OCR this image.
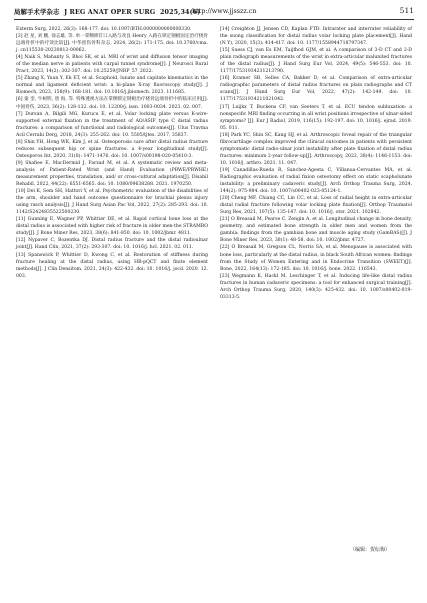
局解手术学杂志 J REG ANAT OPER SURG 2025,34(6)
http://www.jjsszz.cn	511
Exterm Surg, 2022, 26(3): 168-177. doi: 10.1097/BTH.0000000000000330.
[3] 赵 星, 刘 鹏, 徐志雄, 等. 单一掌侧锁钉口入路与改良 Henry 入路在锁定钢板固定治疗桡骨远端骨折中的疗效比较[J]. 中华创伤骨科杂志, 2024, 26(2): 171-175. doi: 10.3760/cma. j. cn115530-20230813-00062.
[4] Naik S, Mahanty S, Bhoi SK, et al. MRI of wrist and diffusion tensor imaging of the median nerve in patients with carpal tunnel syndrome[J]. J Neurosci Rural Pract, 2023, 14(2): 302-307. doi: 10.25259/JNRP_57_2022.
[5] Zhang X, Yuan Y, Ek ET, et al. Scaphoid, lunate and capitate kinematics in the normal and ligament deficient wrist: a bi-plane X-ray fluoroscopy study[J]. J Biomech, 2023, 158(9): 168-181. doi: 10.1016/j.jbiomech. 2023. 111685.
[6] 秦 奎, 牛树明, 唐 海, 等. 特殊透视方法在掌侧锁定钢板治疗桡骨远端骨折中的临床应用[J]. 中国骨伤, 2023, 36(2): 128-132. doi: 10. 12200/j. issn. 1003-0034. 2023. 02. 007.
[7] Dursun A, Bilgili MG, Kurucu E, et al. Volar locking plate versus K-wire-supported external fixation in the treatment of AO/ASIF type C distal radius fractures: a comparison of functional and radiological outcomes[J]. Ulus Travma Acil Cerrahi Derg, 2018, 24(3): 255-262. doi: 10. 5505/tjtes. 2017. 35837.
[8] Shin YH, Hong WK, Kim J, et al. Osteoporosis care after distal radius fracture reduces subsequent hip or spine fractures: a 4-year longitudinal study[J]. Osteoporos Int, 2020, 31(8): 1471-1476. doi: 10. 1007/s00198-020-05410-3.
[9] Shafiee E, MacDermid J, Farzad M, et al. A systematic review and meta-analysis of Patient-Rated Wrist (and Hand) Evaluation (PRWE/PRWHE) measurement properties, translation, and/ or cross-cultural adaptation[J]. Disabil Rehabil, 2022, 44(22): 6551-6565. doi: 10. 1080/09638288. 2021. 1970250.
[10] Dei K, Sem SH, Hattori Y, et al. Psychometric evaluation of the disabilities of the arm, shoulder and hand outcome questionnaire for brachial plexus injury using rasch analysis[J]. J Hand Surg Asian Pac Vol, 2022, 27(2): 285-293. doi: 10. 1142/S2424835522500230.
[11] Gunning E, Wagner PP, Whittier DE, et al. Rapid cortical bone loss at the distal radius is associated with higher risk of fracture in older men-the STRAMBO study[J]. J Bone Miner Res, 2023, 38(6): 841-850. doi: 10. 1002/jbmr. 4811.
[12] Nypaver C, Bozentka DJ. Distal radius fracture and the distal radioulnar joint[J]. Hand Clin, 2021, 37(2): 293-307. doi: 10. 1016/j. hcl. 2021. 02. 011.
[13] Spanswick P, Whittier D, Kwong C, et al. Restoration of stiffness during fracture healing at the distal radius, using HR-pQCT and finite element methods[J]. J Clin Densitom, 2021, 24(3): 422-432. doi: 10. 1016/j. jocd. 2020. 12. 003.
[14] Creighton JJ, Jensen CD, Kaplan FTD. Intrarater and interrater reliability of the suong classification for distal radius volar locking plate placement[J]. Hand (N Y), 2020, 15(3): 414-417. doi: 10. 1177/1558944718797347.
[15] Suess CJ, van Es EM, Taijfhod GJM, et al. A comparison of 3-D CT and 2-D plain radiograph measurements of the wrist in extra-articular malunited fractures of the distal radius[J]. J Hand Surg Eur Vol, 2024, 49(5): 546-553. doi: 10. 1177/17531934231213790.
[16] Kramer SB, Selles CA, Bakker D, et al. Comparison of extra-articular radiographic parameters of distal radius fractures on plain radiographs and CT scans[J]. J Hand Surg Eur Vol, 2022, 47(2): 142-149. doi: 10. 1177/17531934211021042.
[17] Luijkx T, Buckens CF, van Seeters T, et al. ECU tendon subluxation: a nonspecific MRI finding occurring in all wrist positions irrespective of ulnar-sided symptoms? [J]. Eur J Radiol, 2019, 116(15): 192-197. doi: 10. 1016/j. ejrad. 2019. 05. 011.
[18] Park YC, Shin SC, Kang HJ, et al. Arthroscopic foveal repair of the triangular fibrocartilage complex improved the clinical outcomes in patients with persistent symptomatic distal radio-ulnar joint instability after plate fixation of distal radius fractures: minimum 2-year follow-up[J]. Arthroscopy, 2022, 38(4): 1146-1153. doi: 10. 1016/j. arthro. 2021. 11. 047.
[19] Canadillas-Rueda R, Sanchez-Agesta C, Villanua-Cervantes MA, et al. Radiographic evaluation of radial fixion osteotomy effect on static scapholunate instability: a preliminary cadaveric study[J]. Arch Orthop Trauma Surg, 2024, 144(2): 975-984. doi: 10. 1007/s00402-023-05124-1.
[20] Cheng MF, Chiang CC, Lin CC, et al. Loss of radial height in extra-articular distal radial fracture following volar locking plate fixation[J]. Orthop Traumatol Surg Res, 2021, 107(5): 135-147. doi: 10. 1016/j. otsr. 2021. 102842.
[21] O Breasail M, Pearse C, Zengin A, et al. Longitudinal change in bone density, geometry, and estimated bone strength in older men and women from the gambia: findings from the gambian bone and muscle aging study (GamBAS)[J]. J Bone Miner Res, 2023, 38(1): 48-58. doi: 10. 1002/jbmr. 4727.
[22] O Breasail M, Gregson CL, Norris SA, et al. Menopause is associated with bone loss, particularly at the distal radius, in black South African women: findings from the Study of Women Entering and in Endocrine Transition (SWEET)[J]. Bone, 2022, 164(13): 172-185. doi: 10. 1016/j. bone. 2022. 116543.
[23] Wegmann K, Hackl M, Leschinger T, et al. Inducing life-like distal radius fractures in human cadaveric specimens: a tool for enhanced surgical training[J]. Arch Orthop Trauma Surg, 2020, 140(3): 425-432. doi: 10. 1007/s00402-019-03313-5.
（编辑：贺纭梅）
